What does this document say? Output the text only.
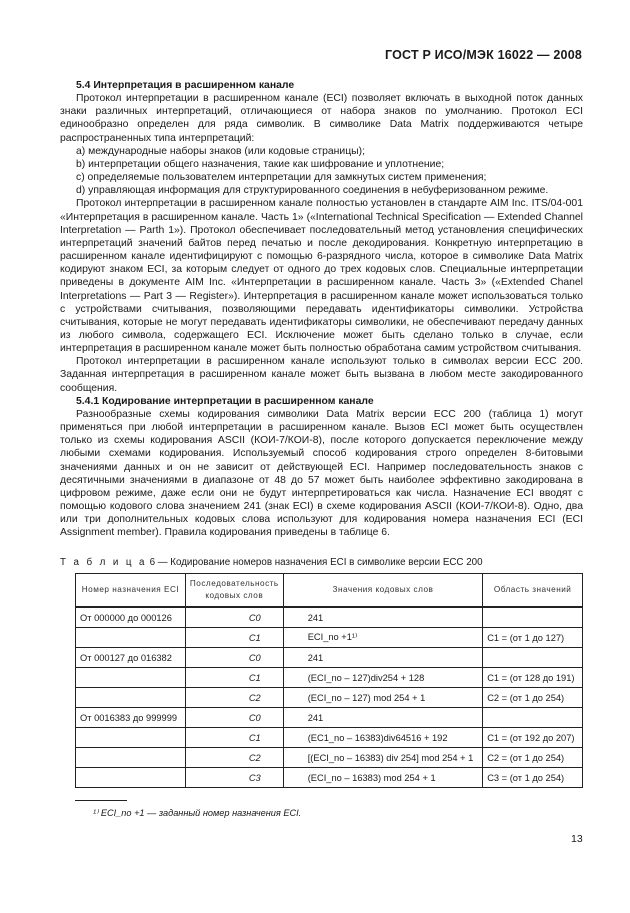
ГОСТ Р ИСО/МЭК 16022 — 2008
5.4 Интерпретация в расширенном канале

Протокол интерпретации в расширенном канале (ECI) позволяет включать в выходной поток данных знаки различных интерпретаций, отличающиеся от набора знаков по умолчанию. Протокол ECI единообразно определен для ряда символик. В символике Data Matrix поддерживаются четыре распространенных типа интерпретаций:

а) международные наборы знаков (или кодовые страницы);
b) интерпретации общего назначения, такие как шифрование и уплотнение;
с) определяемые пользователем интерпретации для замкнутых систем применения;
d) управляющая информация для структурированного соединения в небуферизованном режиме.

Протокол интерпретации в расширенном канале полностью установлен в стандарте AIM Inc. ITS/04-001 «Интерпретация в расширенном канале. Часть 1» («International Technical Specification — Extended Channel Interpretation — Parth 1»). Протокол обеспечивает последовательный метод установления специфических интерпретаций значений байтов перед печатью и после декодирования. Конкретную интерпретацию в расширенном канале идентифицируют с помощью 6-разрядного числа, которое в символике Data Matrix кодируют знаком ECI, за которым следует от одного до трех кодовых слов. Специальные интерпретации приведены в документе AIM Inc. «Интерпретации в расширенном канале. Часть 3» («Extended Chanel Interpretations — Part 3 — Register»). Интерпретация в расширенном канале может использоваться только с устройствами считывания, позволяющими передавать идентификаторы символики. Устройства считывания, которые не могут передавать идентификаторы символики, не обеспечивают передачу данных из любого символа, содержащего ECI. Исключение может быть сделано только в случае, если интерпретация в расширенном канале может быть полностью обработана самим устройством считывания.

Протокол интерпретации в расширенном канале используют только в символах версии ECC 200. Заданная интерпретация в расширенном канале может быть вызвана в любом месте закодированного сообщения.

5.4.1 Кодирование интерпретации в расширенном канале

Разнообразные схемы кодирования символики Data Matrix версии ECC 200 (таблица 1) могут применяться при любой интерпретации в расширенном канале. Вызов ECI может быть осуществлен только из схемы кодирования ASCII (КОИ-7/КОИ-8), после которого допускается переключение между любыми схемами кодирования. Используемый способ кодирования строго определен 8-битовыми значениями данных и он не зависит от действующей ECI. Например последовательность знаков с десятичными значениями в диапазоне от 48 до 57 может быть наиболее эффективно закодирована в цифровом режиме, даже если они не будут интерпретироваться как числа. Назначение ECI вводят с помощью кодового слова значением 241 (знак ECI) в схеме кодирования ASCII (КОИ-7/КОИ-8). Одно, два или три дополнительных кодовых слова используют для кодирования номера назначения ECI (ECI Assignment member). Правила кодирования приведены в таблице 6.

Т а б л и ц а 6 — Кодирование номеров назначения ECI в символике версии ECC 200
Номер назначения ECI	Последовательность кодовых слов	Значения кодовых слов	Область значений
От 000000 до 000126	C0	241	
	C1	ECI_no +1¹⁾	C1 = (от 1 до 127)
От 000127 до 016382	C0	241	
	C1	(ECI_no – 127)div254 + 128	C1 = (от 128 до 191)
	C2	(ECI_no – 127) mod 254 + 1	C2 = (от 1 до 254)
От 0016383 до 999999	C0	241	
	C1	(EC1_no – 16383)div64516 + 192	C1 = (от 192 до 207)
	C2	[(ECI_no – 16383) div 254] mod 254 + 1	C2 = (от 1 до 254)
	C3	(ECI_no – 16383) mod 254 + 1	C3 = (от 1 до 254)
¹⁾ ECI_no +1 — заданный номер назначения ECI.
13
